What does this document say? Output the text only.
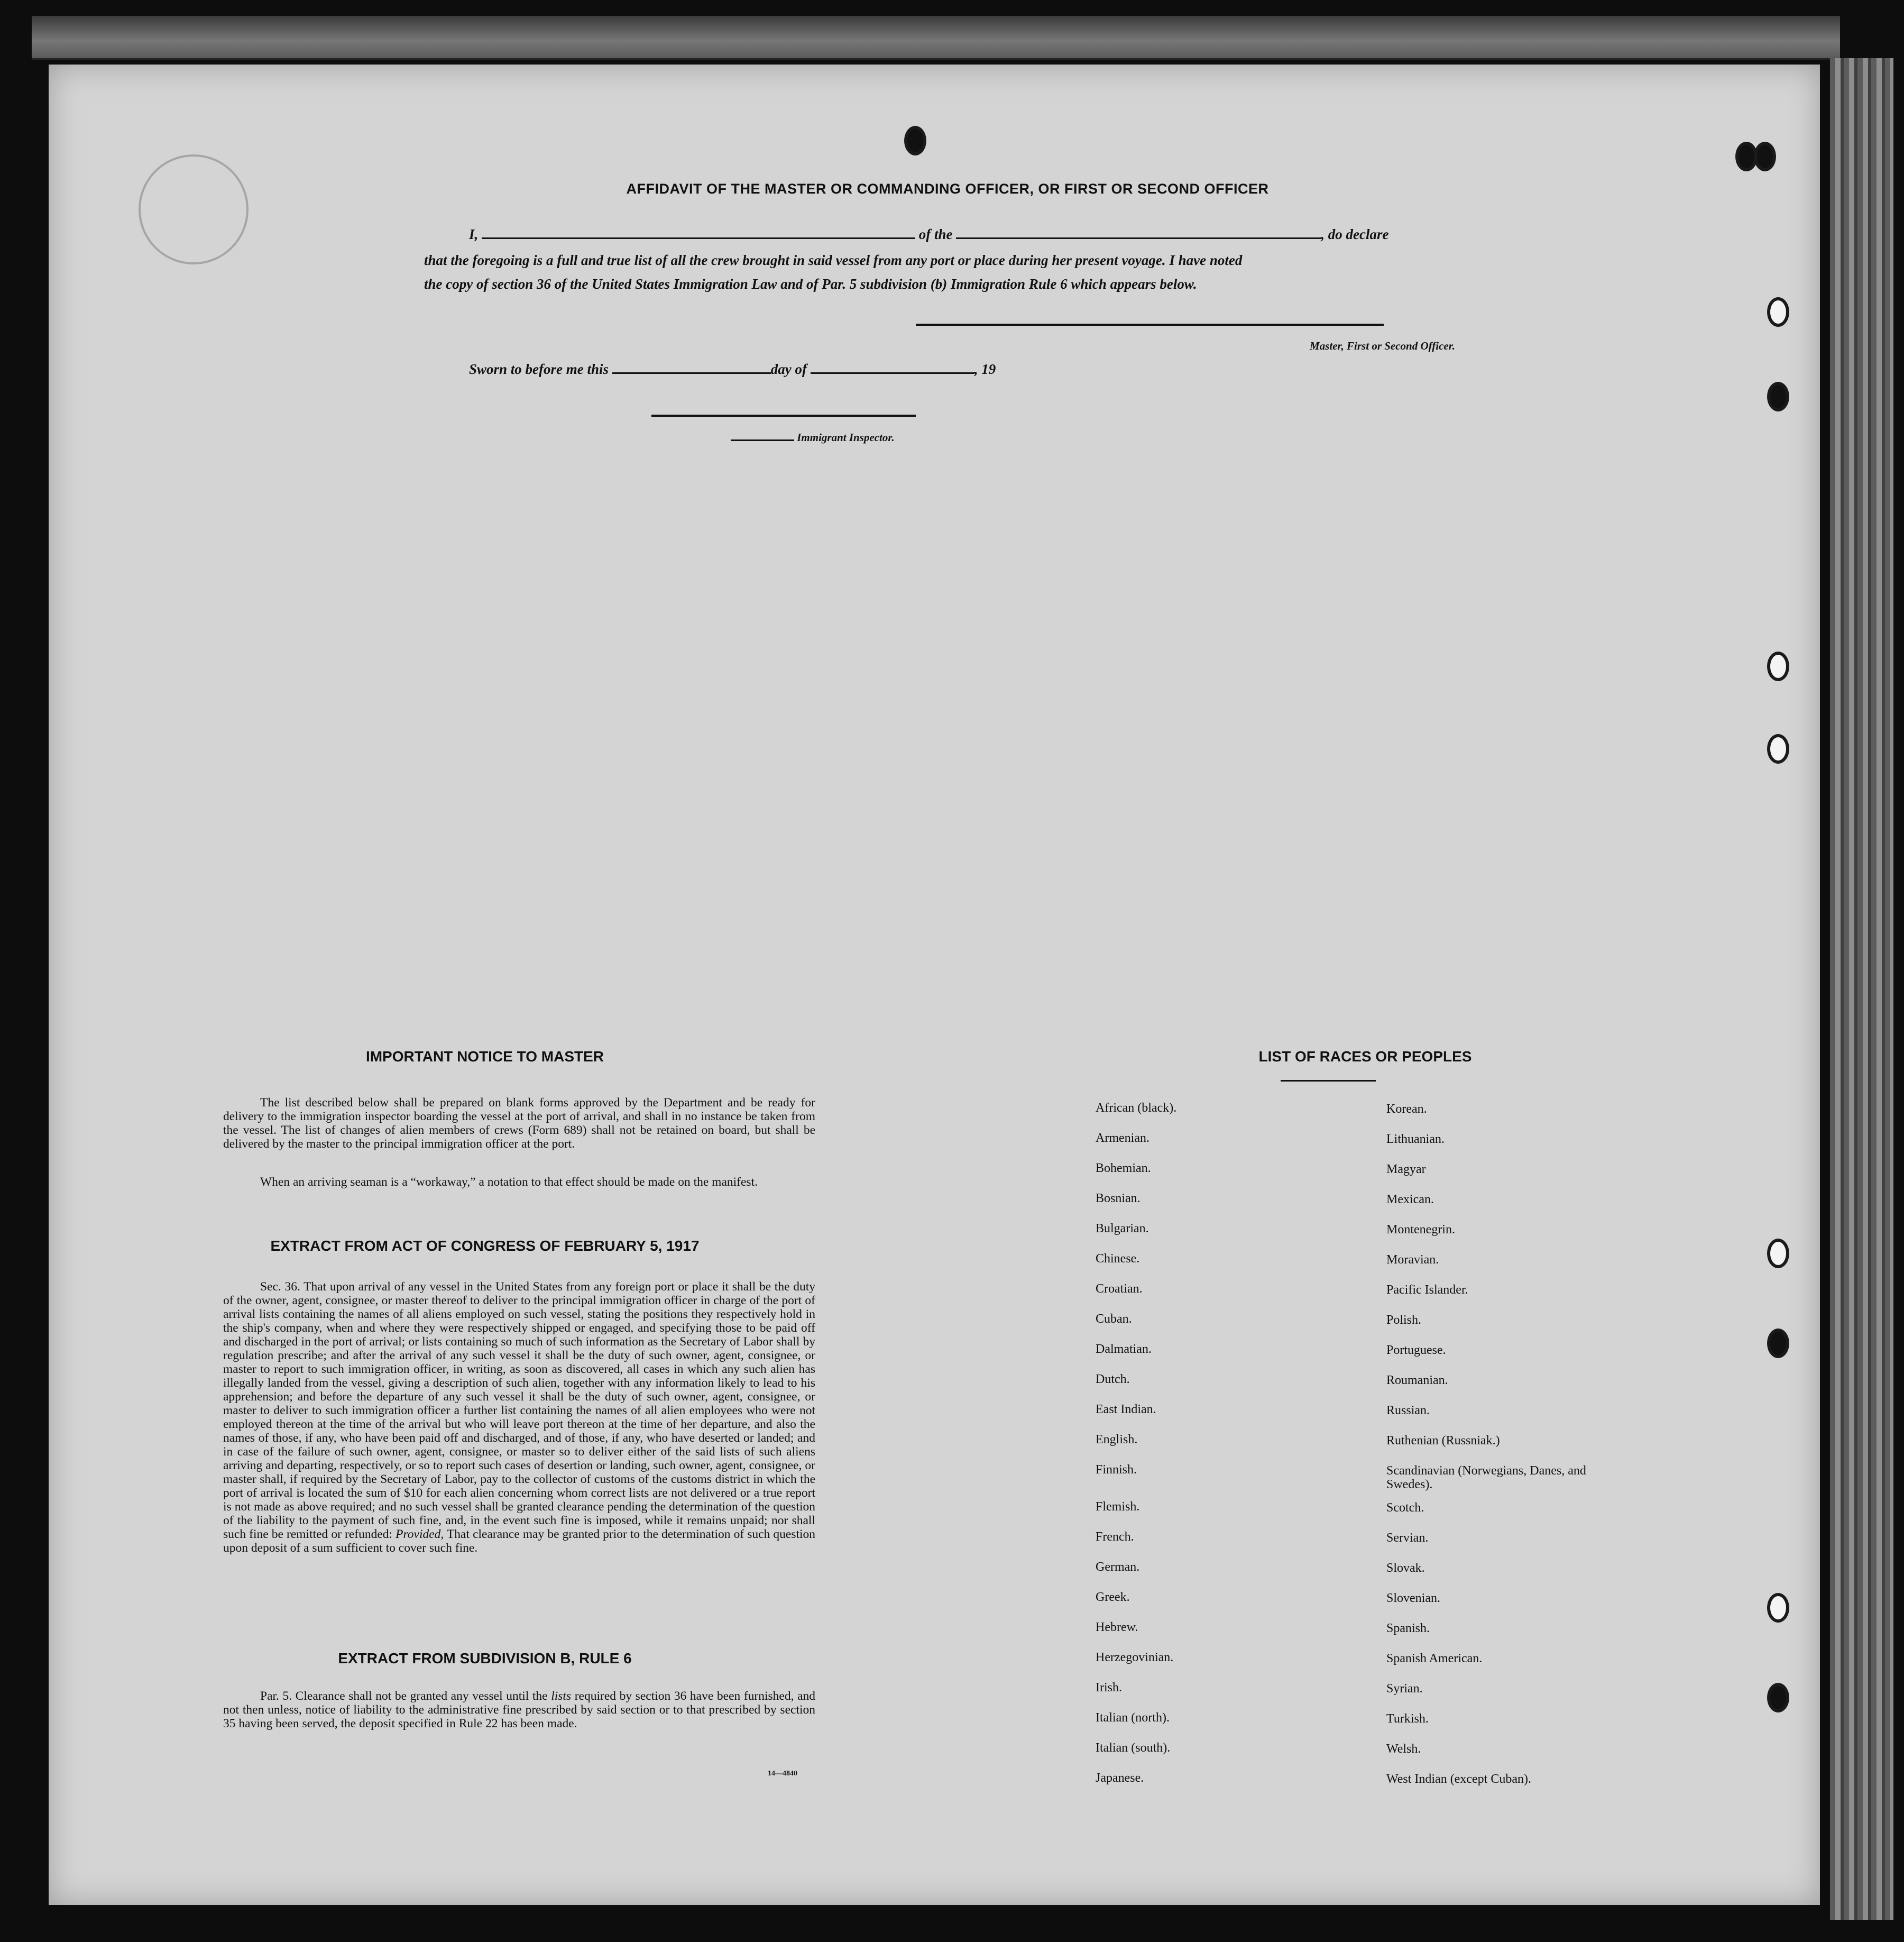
AFFIDAVIT OF THE MASTER OR COMMANDING OFFICER, OR FIRST OR SECOND OFFICER
I,	of the	, do declare
that the foregoing is a full and true list of all the crew brought in said vessel from any port or place during her present voyage. I have noted
the copy of section 36 of the United States Immigration Law and of Par. 5 subdivision (b) Immigration Rule 6 which appears below.
Master, First or Second Officer.
Sworn to before me this	day of	, 19
Immigrant Inspector.
IMPORTANT NOTICE TO MASTER
The list described below shall be prepared on blank forms approved by the Department and be ready for delivery to the immigration inspector boarding the vessel at the port of arrival, and shall in no instance be taken from the vessel. The list of changes of alien members of crews (Form 689) shall not be retained on board, but shall be delivered by the master to the principal immigration officer at the port.
When an arriving seaman is a “workaway,” a notation to that effect should be made on the manifest.
EXTRACT FROM ACT OF CONGRESS OF FEBRUARY 5, 1917
Sec. 36. That upon arrival of any vessel in the United States from any foreign port or place it shall be the duty of the owner, agent, consignee, or master thereof to deliver to the principal immigration officer in charge of the port of arrival lists containing the names of all aliens employed on such vessel, stating the positions they respectively hold in the ship's company, when and where they were respectively shipped or engaged, and specifying those to be paid off and discharged in the port of arrival; or lists containing so much of such information as the Secretary of Labor shall by regulation prescribe; and after the arrival of any such vessel it shall be the duty of such owner, agent, consignee, or master to report to such immigration officer, in writing, as soon as discovered, all cases in which any such alien has illegally landed from the vessel, giving a description of such alien, together with any information likely to lead to his apprehension; and before the departure of any such vessel it shall be the duty of such owner, agent, consignee, or master to deliver to such immigration officer a further list containing the names of all alien employees who were not employed thereon at the time of the arrival but who will leave port thereon at the time of her departure, and also the names of those, if any, who have been paid off and discharged, and of those, if any, who have deserted or landed; and in case of the failure of such owner, agent, consignee, or master so to deliver either of the said lists of such aliens arriving and departing, respectively, or so to report such cases of desertion or landing, such owner, agent, consignee, or master shall, if required by the Secretary of Labor, pay to the collector of customs of the customs district in which the port of arrival is located the sum of $10 for each alien concerning whom correct lists are not delivered or a true report is not made as above required; and no such vessel shall be granted clearance pending the determination of the question of the liability to the payment of such fine, and, in the event such fine is imposed, while it remains unpaid; nor shall such fine be remitted or refunded: Provided, That clearance may be granted prior to the determination of such question upon deposit of a sum sufficient to cover such fine.
EXTRACT FROM SUBDIVISION B, RULE 6
Par. 5. Clearance shall not be granted any vessel until the lists required by section 36 have been furnished, and not then unless, notice of liability to the administrative fine prescribed by said section or to that prescribed by section 35 having been served, the deposit specified in Rule 22 has been made.
14—4840
LIST OF RACES OR PEOPLES
African (black).
Armenian.
Bohemian.
Bosnian.
Bulgarian.
Chinese.
Croatian.
Cuban.
Dalmatian.
Dutch.
East Indian.
English.
Finnish.
Flemish.
French.
German.
Greek.
Hebrew.
Herzegovinian.
Irish.
Italian (north).
Italian (south).
Japanese.
Korean.
Lithuanian.
Magyar
Mexican.
Montenegrin.
Moravian.
Pacific Islander.
Polish.
Portuguese.
Roumanian.
Russian.
Ruthenian (Russniak.)
Scandinavian (Norwegians, Danes, and Swedes).
Scotch.
Servian.
Slovak.
Slovenian.
Spanish.
Spanish American.
Syrian.
Turkish.
Welsh.
West Indian (except Cuban).
